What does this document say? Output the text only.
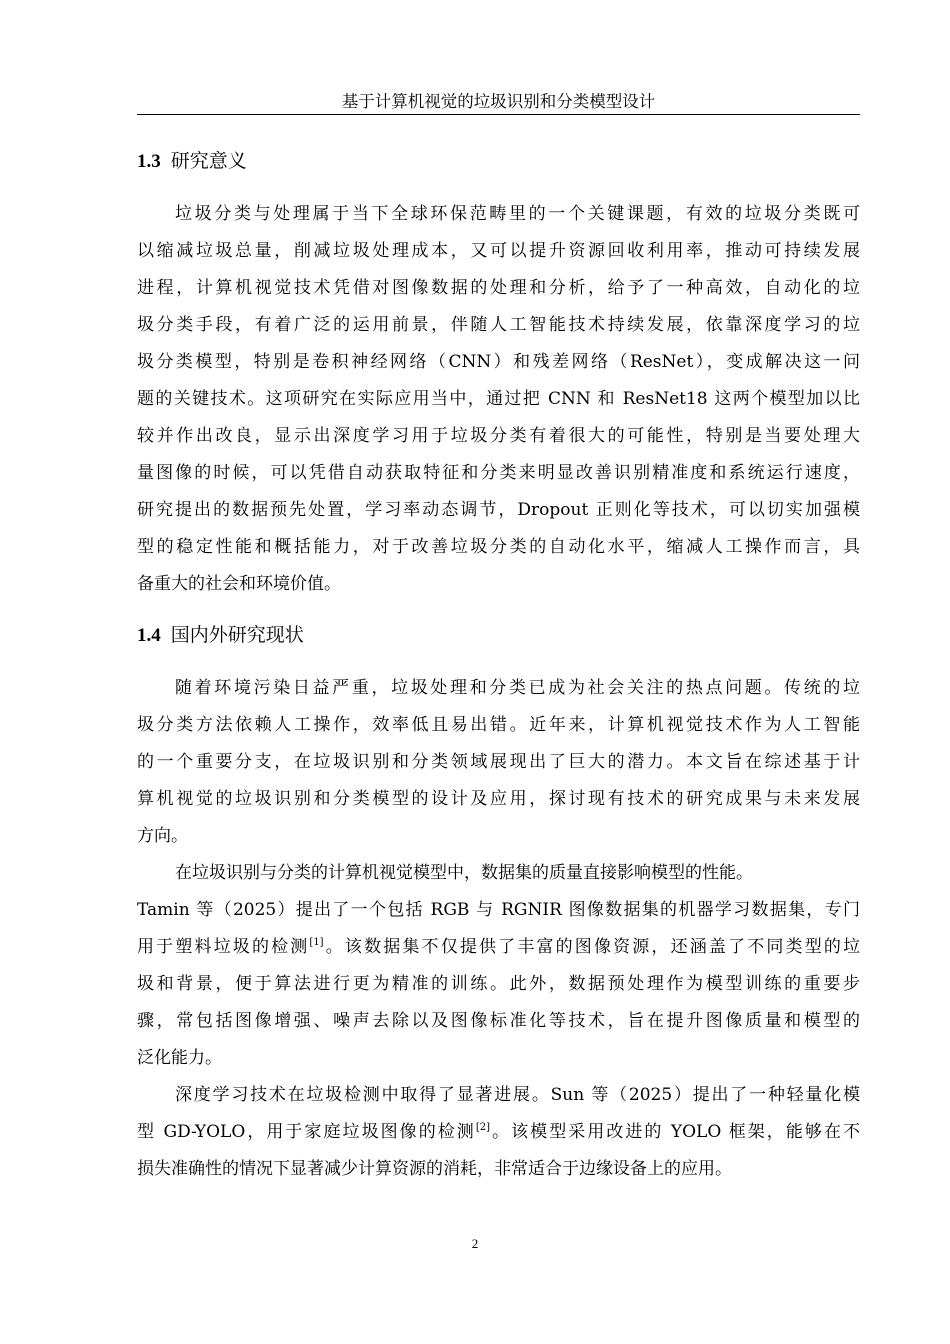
基于计算机视觉的垃圾识别和分类模型设计
1.3 研究意义
垃圾分类与处理属于当下全球环保范畴里的一个关键课题，有效的垃圾分类既可
以缩减垃圾总量，削减垃圾处理成本，又可以提升资源回收利用率，推动可持续发展
进程，计算机视觉技术凭借对图像数据的处理和分析，给予了一种高效，自动化的垃
圾分类手段，有着广泛的运用前景，伴随人工智能技术持续发展，依靠深度学习的垃
圾分类模型，特别是卷积神经网络（CNN）和残差网络（ResNet），变成解决这一问
题的关键技术。这项研究在实际应用当中，通过把 CNN 和 ResNet18 这两个模型加以比
较并作出改良，显示出深度学习用于垃圾分类有着很大的可能性，特别是当要处理大
量图像的时候，可以凭借自动获取特征和分类来明显改善识别精准度和系统运行速度，
研究提出的数据预先处置，学习率动态调节，Dropout 正则化等技术，可以切实加强模
型的稳定性能和概括能力，对于改善垃圾分类的自动化水平，缩减人工操作而言，具
备重大的社会和环境价值。
1.4 国内外研究现状
随着环境污染日益严重，垃圾处理和分类已成为社会关注的热点问题。传统的垃
圾分类方法依赖人工操作，效率低且易出错。近年来，计算机视觉技术作为人工智能
的一个重要分支，在垃圾识别和分类领域展现出了巨大的潜力。本文旨在综述基于计
算机视觉的垃圾识别和分类模型的设计及应用，探讨现有技术的研究成果与未来发展
方向。
在垃圾识别与分类的计算机视觉模型中，数据集的质量直接影响模型的性能。
Tamin 等（2025）提出了一个包括 RGB 与 RGNIR 图像数据集的机器学习数据集，专门
用于塑料垃圾的检测[1]。该数据集不仅提供了丰富的图像资源，还涵盖了不同类型的垃
圾和背景，便于算法进行更为精准的训练。此外，数据预处理作为模型训练的重要步
骤，常包括图像增强、噪声去除以及图像标准化等技术，旨在提升图像质量和模型的
泛化能力。
深度学习技术在垃圾检测中取得了显著进展。Sun 等（2025）提出了一种轻量化模
型 GD-YOLO，用于家庭垃圾图像的检测[2]。该模型采用改进的 YOLO 框架，能够在不
损失准确性的情况下显著减少计算资源的消耗，非常适合于边缘设备上的应用。
2
